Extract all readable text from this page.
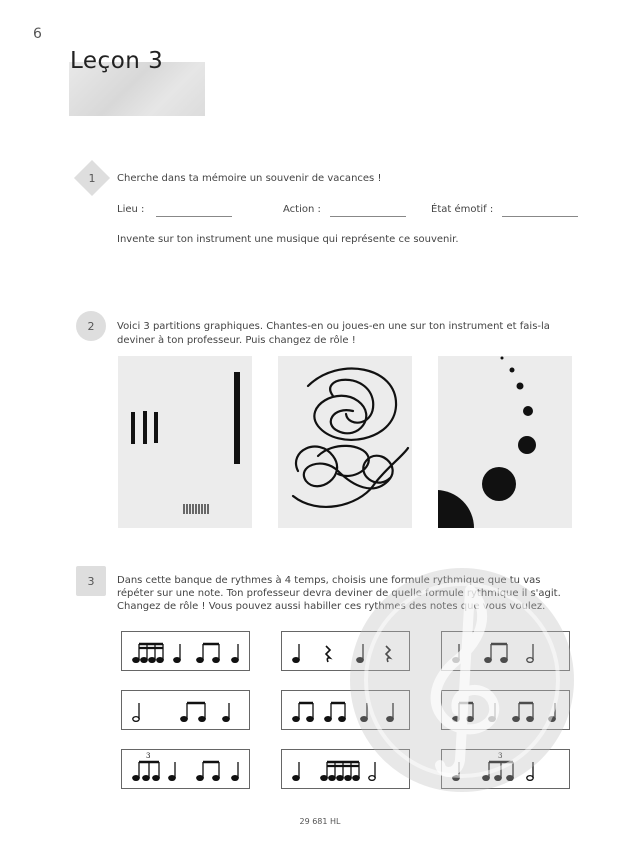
6
Leçon 3
1 Cherche dans ta mémoire un souvenir de vacances !
Lieu :	Action :	État émotif :
Invente sur ton instrument une musique qui représente ce souvenir.
2 Voici 3 partitions graphiques. Chantes-en ou joues-en une sur ton instrument et fais-la
deviner à ton professeur. Puis changez de rôle !
3 Dans cette banque de rythmes à 4 temps, choisis une formule rythmique que tu vas
répéter sur une note. Ton professeur devra deviner de quelle formule rythmique il s'agit.
Changez de rôle ! Vous pouvez aussi habiller ces rythmes des notes que vous voulez.
3	3
29 681 HL
